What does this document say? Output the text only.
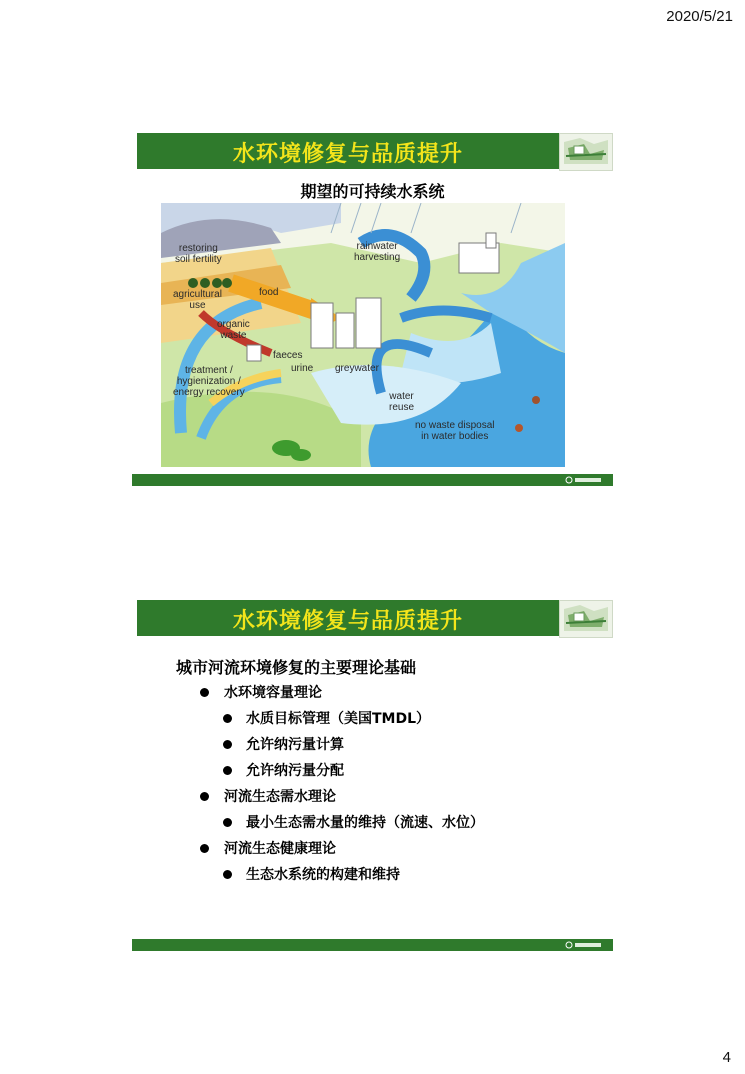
2020/5/21
水环境修复与品质提升
期望的可持续水系统
restoring
soil fertility
rainwater
harvesting
agricultural
use
food
organic
waste
faeces
urine greywater
treatment /
hygienization /
energy recovery	water
reuse
no waste disposal
in water bodies
水环境修复与品质提升
城市河流环境修复的主要理论基础
水环境容量理论
水质目标管理（美国TMDL）
允许纳污量计算
允许纳污量分配
河流生态需水理论
最小生态需水量的维持（流速、水位）
河流生态健康理论
生态水系统的构建和维持
4
